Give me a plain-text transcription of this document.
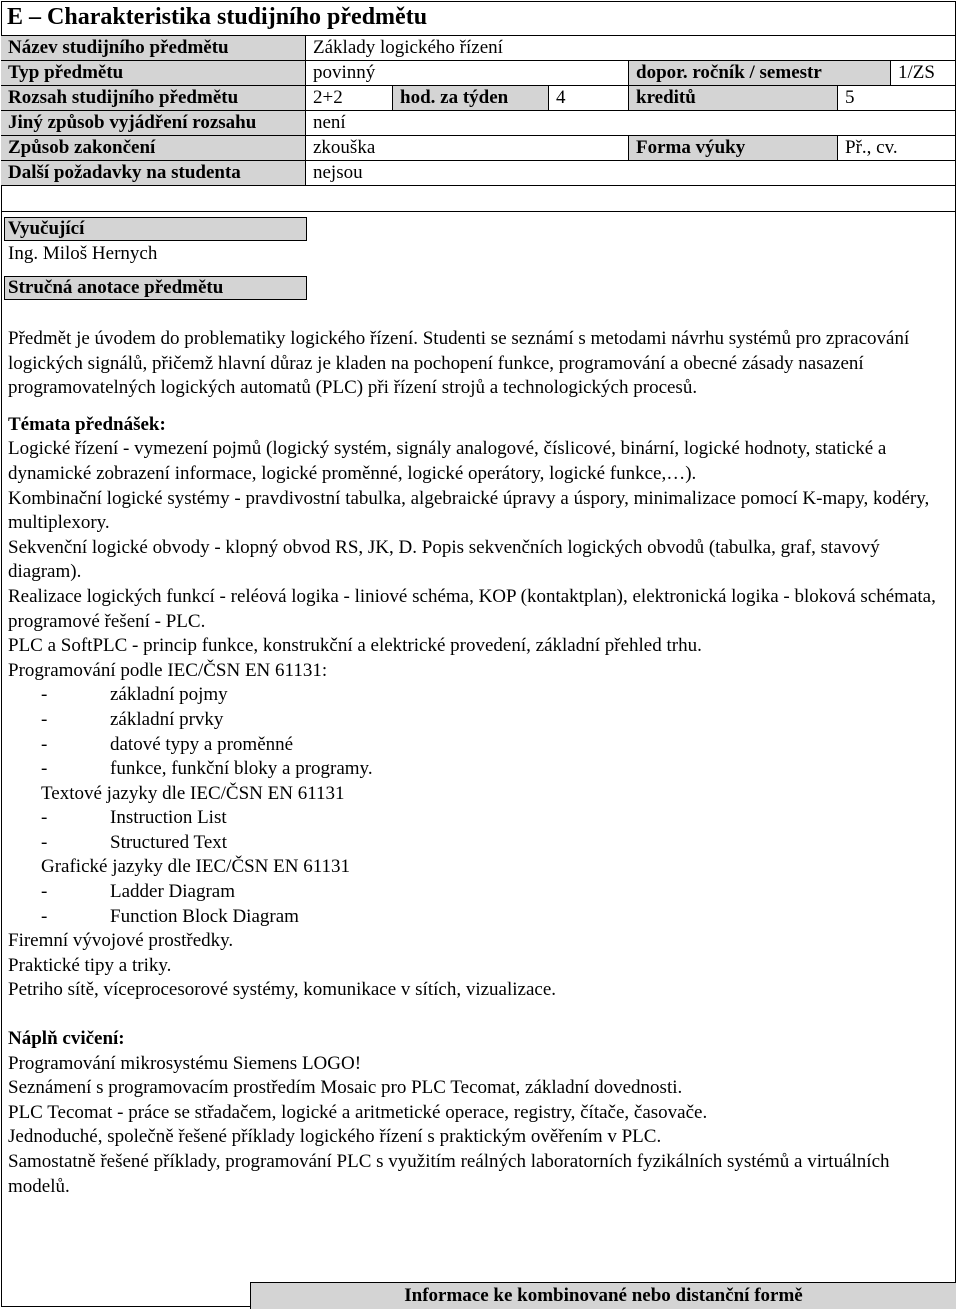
E – Charakteristika studijního předmětu
Název studijního předmětu	Základy logického řízení
Typ předmětu	povinný	dopor. ročník / semestr	1/ZS
Rozsah studijního předmětu	2+2	hod. za týden	4	kreditů	5
Jiný způsob vyjádření rozsahu	není
Způsob zakončení	zkouška	Forma výuky	Př., cv.
Další požadavky na studenta	nejsou
Vyučující
Ing. Miloš Hernych
Stručná anotace předmětu

Předmět je úvodem do problematiky logického řízení. Studenti se seznámí s metodami návrhu systémů pro zpracování logických signálů, přičemž hlavní důraz je kladen na pochopení funkce, programování a obecné zásady nasazení programovatelných logických automatů (PLC) při řízení strojů a technologických procesů.

Témata přednášek:

Logické řízení - vymezení pojmů (logický systém, signály analogové, číslicové, binární, logické hodnoty, statické a dynamické zobrazení informace, logické proměnné, logické operátory, logické funkce,…).

Kombinační logické systémy - pravdivostní tabulka, algebraické úpravy a úspory, minimalizace pomocí K-mapy, kodéry, multiplexory.

Sekvenční logické obvody - klopný obvod RS, JK, D. Popis sekvenčních logických obvodů (tabulka, graf, stavový diagram).

Realizace logických funkcí - reléová logika - liniové schéma, KOP (kontaktplan), elektronická logika - bloková schémata, programové řešení - PLC.

PLC a SoftPLC - princip funkce, konstrukční a elektrické provedení, základní přehled trhu.

Programování podle IEC/ČSN EN 61131:

-	základní pojmy
-	základní prvky
-	datové typy a proměnné
-	funkce, funkční bloky a programy.
Textové jazyky dle IEC/ČSN EN 61131
-	Instruction List
-	Structured Text
Grafické jazyky dle IEC/ČSN EN 61131
-	Ladder Diagram
-	Function Block Diagram

Firemní vývojové prostředky.

Praktické tipy a triky.

Petriho sítě, víceprocesorové systémy, komunikace v sítích, vizualizace.

Náplň cvičení:

Programování mikrosystému Siemens LOGO!

Seznámení s programovacím prostředím Mosaic pro PLC Tecomat, základní dovednosti.

PLC Tecomat - práce se střadačem, logické a aritmetické operace, registry, čítače, časovače.

Jednoduché, společně řešené příklady logického řízení s praktickým ověřením v PLC.

Samostatně řešené příklady, programování PLC s využitím reálných laboratorních fyzikálních systémů a virtuálních modelů.

Informace ke kombinované nebo distanční formě
